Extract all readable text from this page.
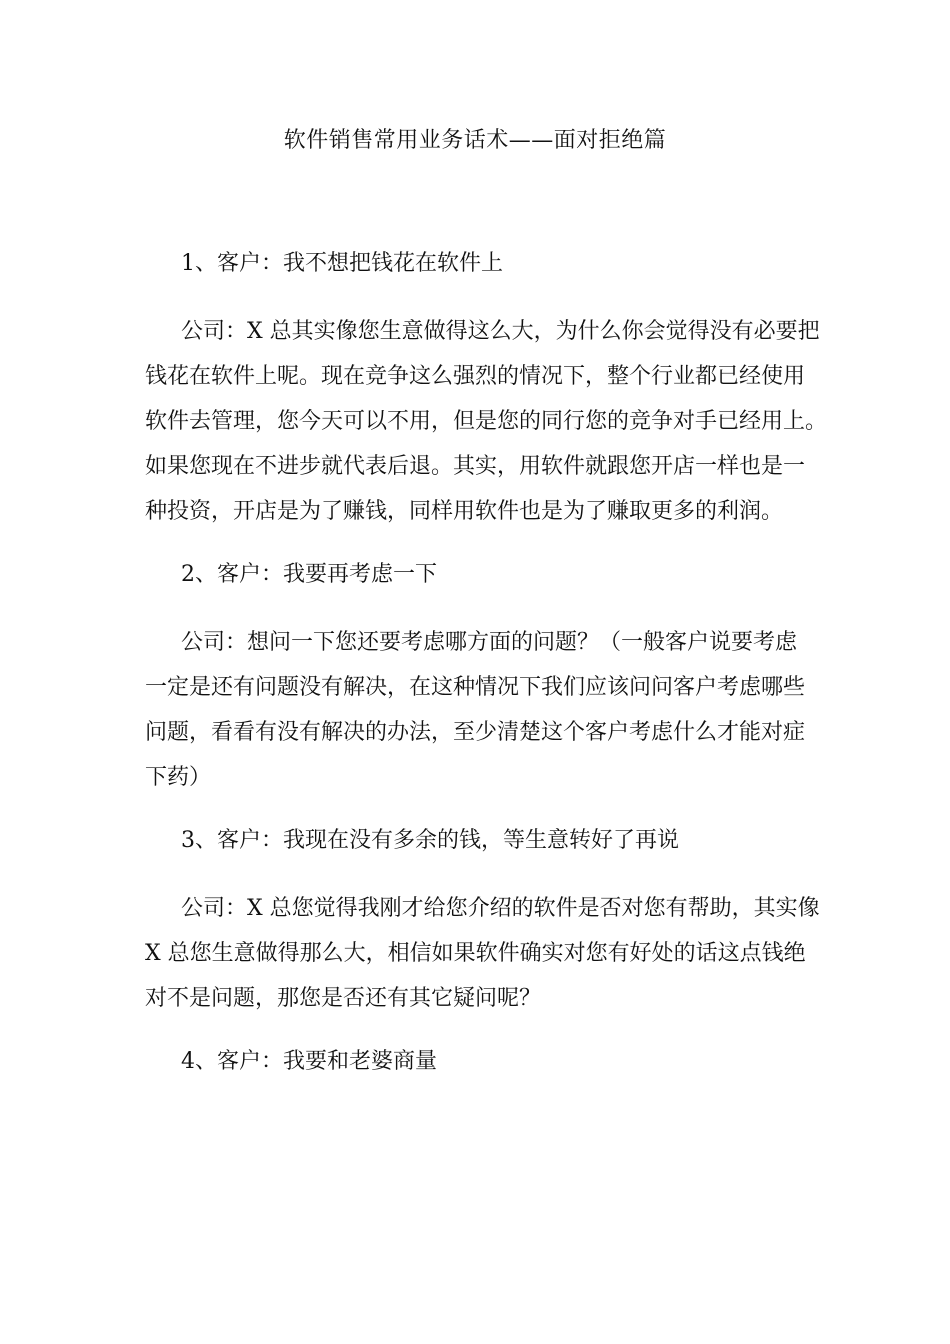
软件销售常用业务话术——面对拒绝篇

1、客户：我不想把钱花在软件上

公司：X 总其实像您生意做得这么大，为什么你会觉得没有必要把
钱花在软件上呢。现在竞争这么强烈的情况下，整个行业都已经使用
软件去管理，您今天可以不用，但是您的同行您的竞争对手已经用上。
如果您现在不进步就代表后退。其实，用软件就跟您开店一样也是一
种投资，开店是为了赚钱，同样用软件也是为了赚取更多的利润。

2、客户：我要再考虑一下

公司：想问一下您还要考虑哪方面的问题？（一般客户说要考虑
一定是还有问题没有解决，在这种情况下我们应该问问客户考虑哪些
问题，看看有没有解决的办法，至少清楚这个客户考虑什么才能对症
下药）

3、客户：我现在没有多余的钱，等生意转好了再说

公司：X 总您觉得我刚才给您介绍的软件是否对您有帮助，其实像
X 总您生意做得那么大，相信如果软件确实对您有好处的话这点钱绝
对不是问题，那您是否还有其它疑问呢？

4、客户：我要和老婆商量
